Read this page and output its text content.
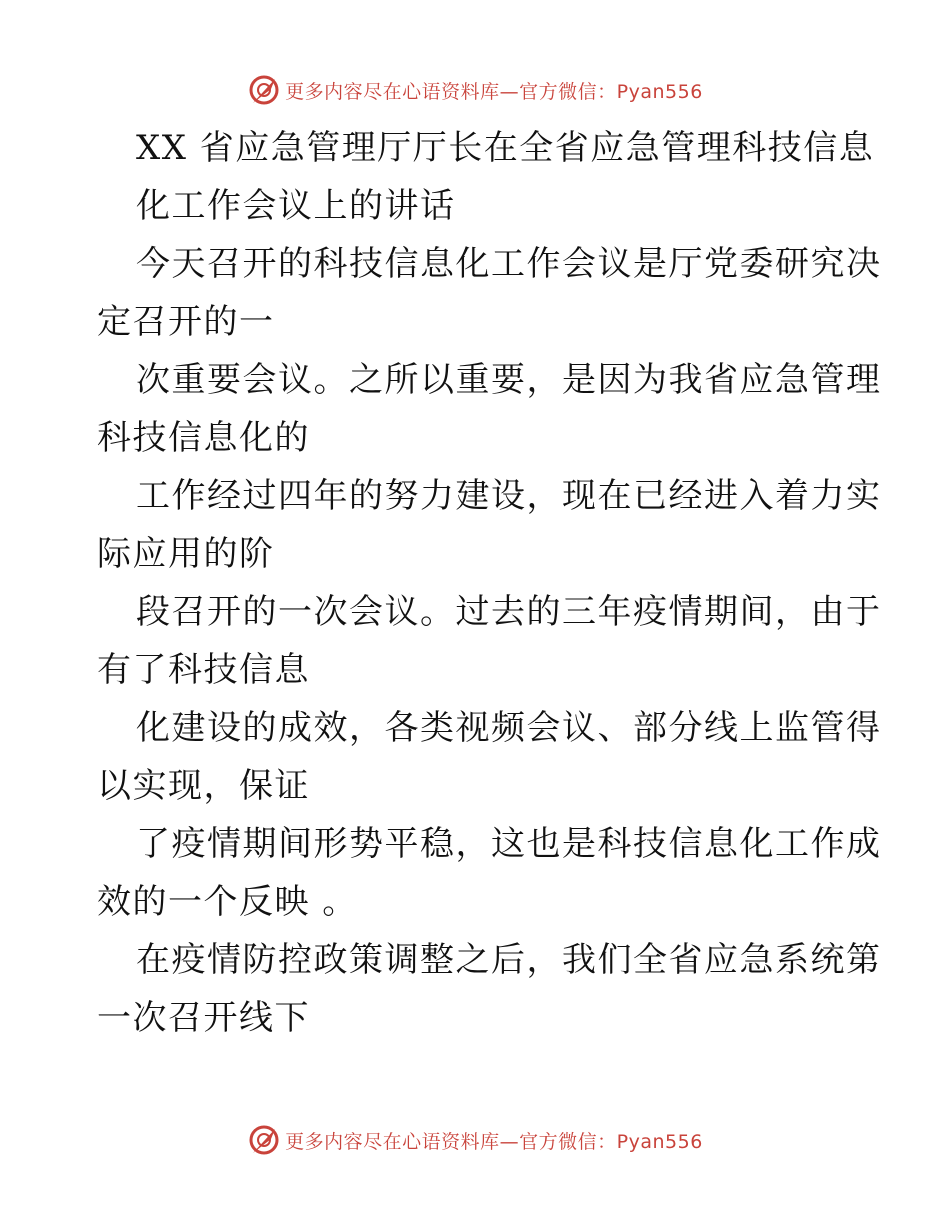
更多内容尽在心语资料库—官方微信：Pyan556
XX 省应急管理厅厅长在全省应急管理科技信息
化工作会议上的讲话
今天召开的科技信息化工作会议是厅党委研究决
定召开的一
次重要会议。之所以重要，是因为我省应急管理
科技信息化的
工作经过四年的努力建设，现在已经进入着力实
际应用的阶
段召开的一次会议。过去的三年疫情期间，由于
有了科技信息
化建设的成效，各类视频会议、部分线上监管得
以实现，保证
了疫情期间形势平稳，这也是科技信息化工作成
效的一个反映 。
在疫情防控政策调整之后，我们全省应急系统第
一次召开线下
更多内容尽在心语资料库—官方微信：Pyan556
